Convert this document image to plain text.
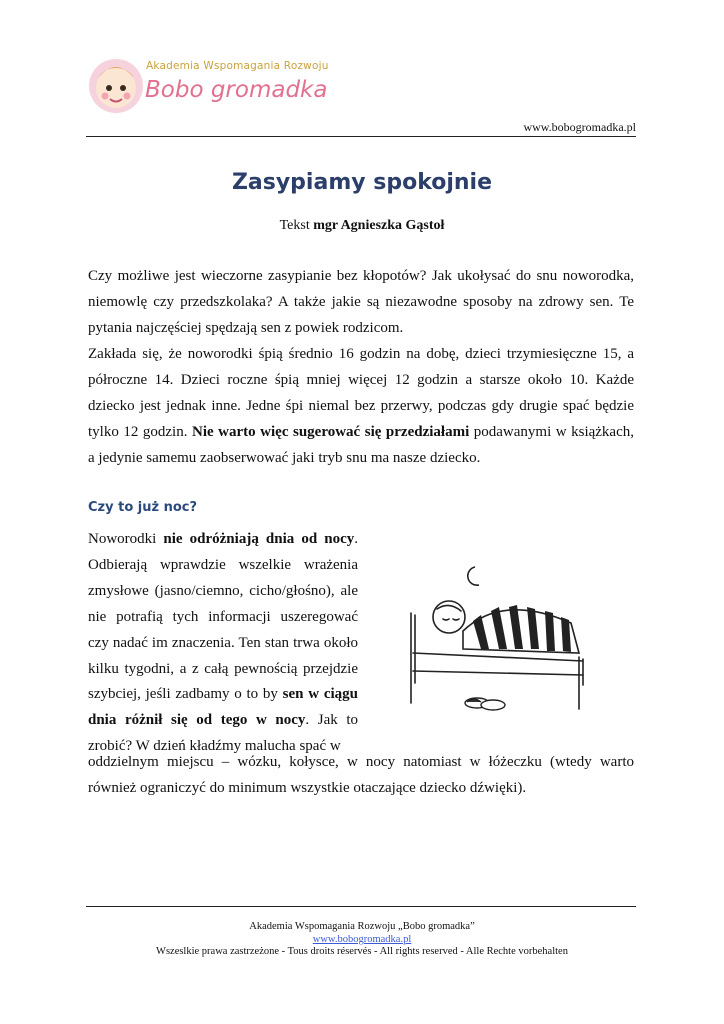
Akademia Wspomagania Rozwoju
Bobo gromadka
www.bobogromadka.pl
Zasypiamy spokojnie
Tekst mgr Agnieszka Gąstoł

Czy możliwe jest wieczorne zasypianie bez kłopotów? Jak ukołysać do snu noworodka, niemowlę czy przedszkolaka? A także jakie są niezawodne sposoby na zdrowy sen. Te pytania najczęściej spędzają sen z powiek rodzicom.

Zakłada się, że noworodki śpią średnio 16 godzin na dobę, dzieci trzymiesięczne 15, a półroczne 14. Dzieci roczne śpią mniej więcej 12 godzin a starsze około 10. Każde dziecko jest jednak inne. Jedne śpi niemal bez przerwy, podczas gdy drugie spać będzie tylko 12 godzin. Nie warto więc sugerować się przedziałami podawanymi w książkach, a jedynie samemu zaobserwować jaki tryb snu ma nasze dziecko.

Czy to już noc?

Noworodki nie odróżniają dnia od nocy. Odbierają wprawdzie wszelkie wrażenia zmysłowe (jasno/ciemno, cicho/głośno), ale nie potrafią tych informacji uszeregować czy nadać im znaczenia. Ten stan trwa około kilku tygodni, a z całą pewnością przejdzie szybciej, jeśli zadbamy o to by sen w ciągu dnia różnił się od tego w nocy. Jak to zrobić? W dzień kładźmy malucha spać w

oddzielnym miejscu – wózku, kołysce, w nocy natomiast w łóżeczku (wtedy warto również ograniczyć do minimum wszystkie otaczające dziecko dźwięki).

Akademia Wspomagania Rozwoju „Bobo gromadka”
www.bobogromadka.pl
Wszeslkie prawa zastrzeżone - Tous droits réservés - All rights reserved - Alle Rechte vorbehalten
